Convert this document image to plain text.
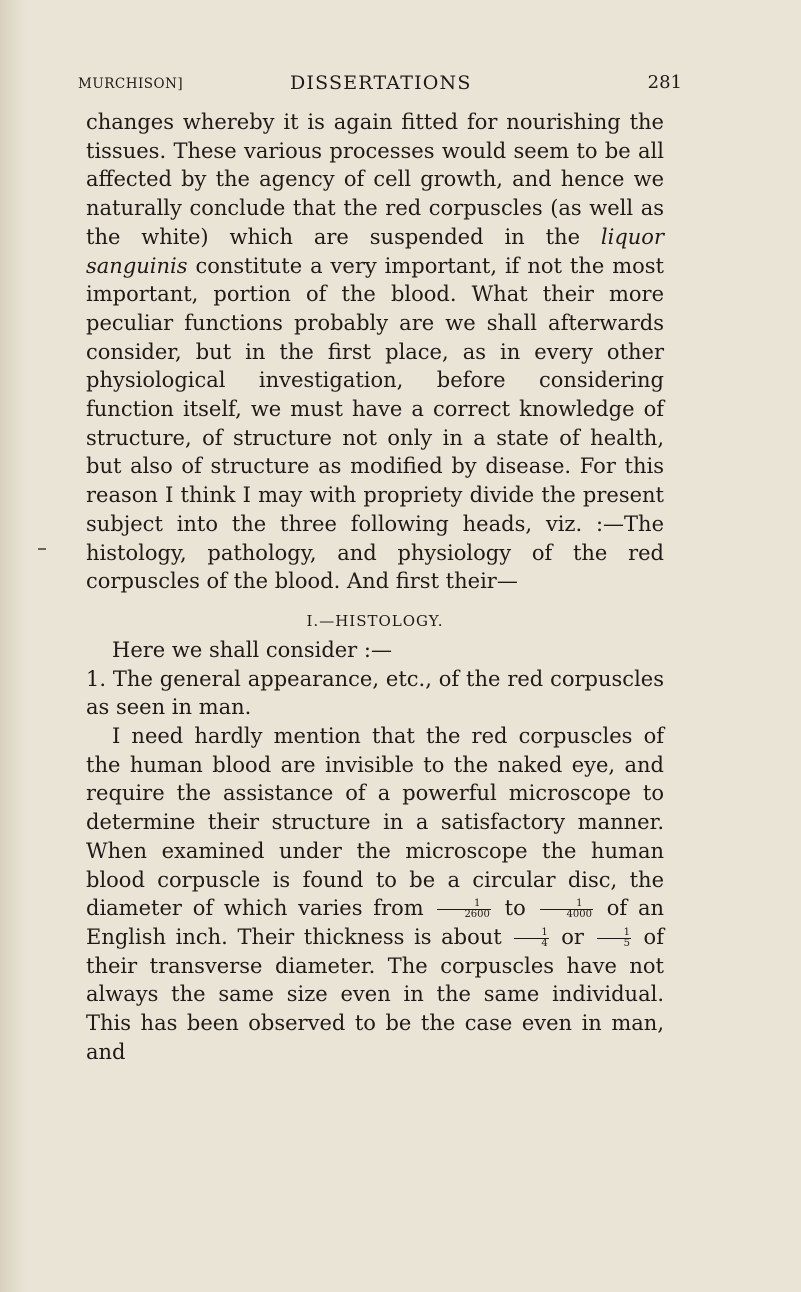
MURCHISON]	DISSERTATIONS	281

changes whereby it is again fitted for nourishing the tissues. These various processes would seem to be all affected by the agency of cell growth, and hence we naturally conclude that the red corpuscles (as well as the white) which are suspended in the liquor sanguinis constitute a very important, if not the most important, portion of the blood. What their more peculiar functions probably are we shall afterwards consider, but in the first place, as in every other physiological investigation, before considering function itself, we must have a correct knowledge of structure, of structure not only in a state of health, but also of structure as modified by disease. For this reason I think I may with propriety divide the present subject into the three following heads, viz. :—The histology, pathology, and physiology of the red corpuscles of the blood. And first their—

I.—HISTOLOGY.

Here we shall consider :—

1. The general appearance, etc., of the red corpuscles as seen in man.

I need hardly mention that the red corpuscles of the human blood are invisible to the naked eye, and require the assistance of a powerful microscope to determine their structure in a satisfactory manner. When examined under the microscope the human blood corpuscle is found to be a circular disc, the diameter of which varies from $\frac{1}{2600}$ to $\frac{1}{4000}$ of an English inch. Their thickness is about $\frac{1}{4}$ or $\frac{1}{5}$ of their transverse diameter. The corpuscles have not always the same size even in the same individual. This has been observed to be the case even in man, and
